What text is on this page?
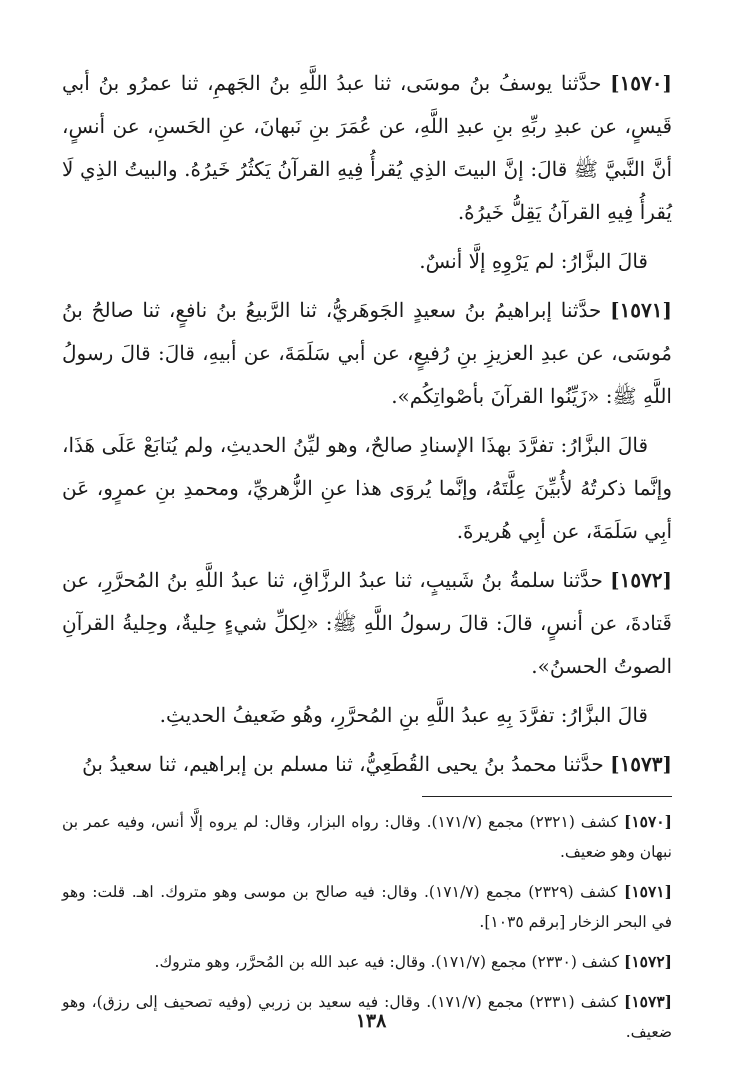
[١٥٧٠] حدَّثنا يوسفُ بنُ موسَى، ثنا عبدُ اللَّهِ بنُ الجَهمِ، ثنا عمرُو بنُ أبي قَيسٍ، عن عبدِ ربِّهِ بنِ عبدِ اللَّهِ، عن عُمَرَ بنِ نَبهانَ، عنِ الحَسنِ، عن أنسٍ، أنَّ النَّبيَّ ﷺ قالَ: إنَّ البيتَ الذِي يُقرأُ فِيهِ القرآنُ يَكثُرُ خَيرُهُ. والبيتُ الذِي لَا يُقرأُ فِيهِ القرآنُ يَقِلُّ خَيرُهُ.

قالَ البزَّارُ: لم يَرْوِهِ إلَّا أنسٌ.

[١٥٧١] حدَّثنا إبراهيمُ بنُ سعيدٍ الجَوهَريُّ، ثنا الرَّبيعُ بنُ نافعٍ، ثنا صالحُ بنُ مُوسَى، عن عبدِ العزيزِ بنِ رُفيعٍ، عن أبي سَلَمَةَ، عن أبيهِ، قالَ: قالَ رسولُ اللَّهِ ﷺ: «زَيِّنُوا القرآنَ بأصْواتِكُم».

قالَ البزَّارُ: تفرَّدَ بهذَا الإسنادِ صالحٌ، وهو ليِّنُ الحديثِ، ولم يُتابَعْ عَلَى هَذَا، وإنَّما ذكرتُهُ لأُبيِّنَ عِلَّتَهُ، وإنَّما يُروَى هذا عنِ الزُّهريِّ، ومحمدِ بنِ عمرٍو، عَن أبِي سَلَمَةَ، عن أبِي هُريرةَ.

[١٥٧٢] حدَّثنا سلمةُ بنُ شَبيبٍ، ثنا عبدُ الرزَّاقِ، ثنا عبدُ اللَّهِ بنُ المُحرَّرِ، عن قَتادةَ، عن أنسٍ، قالَ: قالَ رسولُ اللَّهِ ﷺ: «لِكلِّ شيءٍ حِليةٌ، وحِليةُ القرآنِ الصوتُ الحسنُ».

قالَ البزَّارُ: تفرَّدَ بِهِ عبدُ اللَّهِ بنِ المُحرَّرِ، وهُو ضَعيفُ الحديثِ.

[١٥٧٣] حدَّثنا محمدُ بنُ يحيى القُطَعِيُّ، ثنا مسلم بن إبراهيم، ثنا سعيدُ بنُ

[١٥٧٠] كشف (٢٣٢١) مجمع (١٧١/٧). وقال: رواه البزار، وقال: لم يروه إلَّا أنس، وفيه عمر بن نبهان وهو ضعيف.

[١٥٧١] كشف (٢٣٢٩) مجمع (١٧١/٧). وقال: فيه صالح بن موسى وهو متروك. اهـ. قلت: وهو في البحر الزخار [برقم ١٠٣٥].

[١٥٧٢] كشف (٢٣٣٠) مجمع (١٧١/٧). وقال: فيه عبد الله بن المُحرَّر، وهو متروك.

[١٥٧٣] كشف (٢٣٣١) مجمع (١٧١/٧). وقال: فيه سعيد بن زربي (وفيه تصحيف إلى رزق)، وهو ضعيف.

١٣٨
